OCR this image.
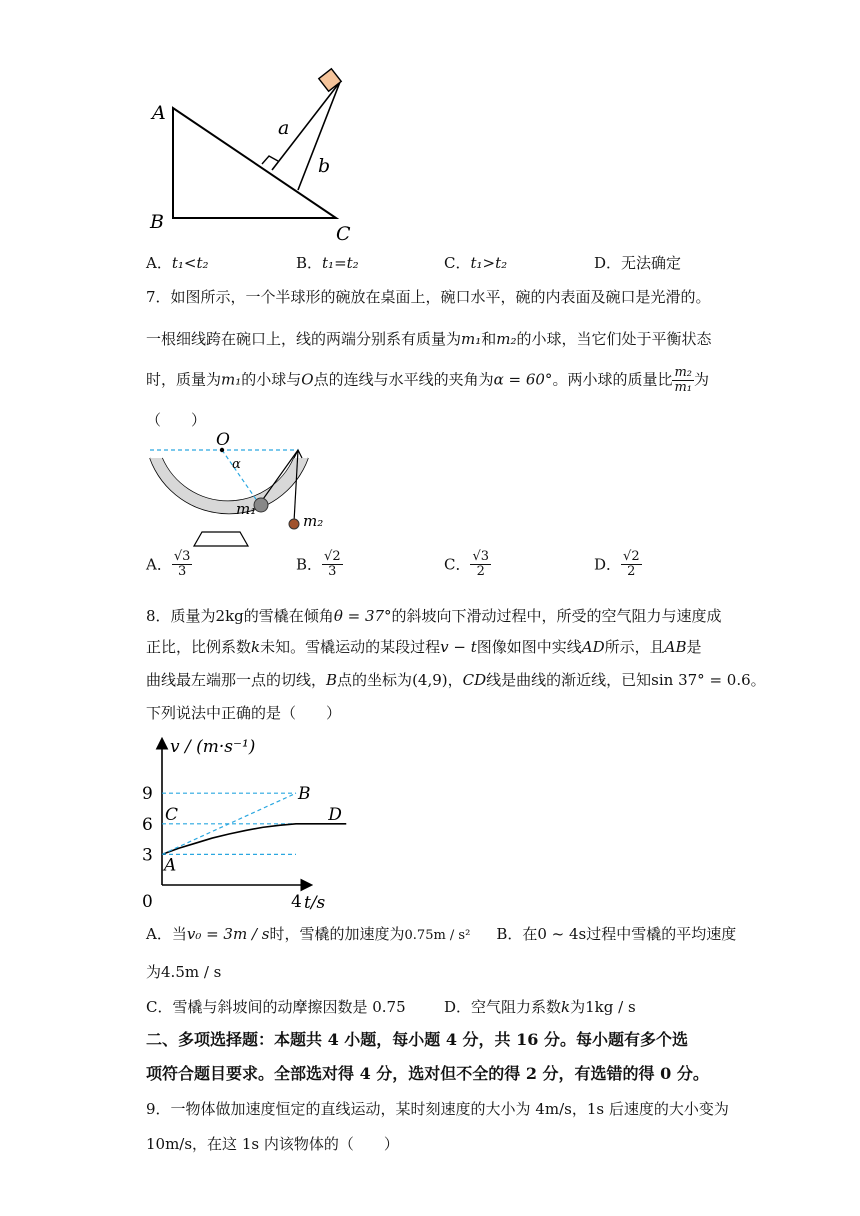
A
B
C
a
b
A．t₁<t₂	B．t₁=t₂	C．t₁>t₂	D．无法确定
7．如图所示，一个半球形的碗放在桌面上，碗口水平，碗的内表面及碗口是光滑的。
一根细线跨在碗口上，线的两端分别系有质量为m₁和m₂的小球，当它们处于平衡状态
时，质量为m₁的小球与O点的连线与水平线的夹角为α = 60°。两小球的质量比 $\frac{\text{m₂}}{\text{m₁}}$ 为
（　　）
O
α
m₁
m₂
A． $\frac{√3}{3}$	B． $\frac{√2}{3}$	C． $\frac{√3}{2}$	D． $\frac{√2}{2}$
8．质量为2kg的雪橇在倾角θ = 37°的斜坡向下滑动过程中，所受的空气阻力与速度成
正比，比例系数k未知。雪橇运动的某段过程v − t图像如图中实线AD所示，且AB是
曲线最左端那一点的切线，B点的坐标为(4,9)，CD线是曲线的渐近线，已知sin 37° = 0.6。
下列说法中正确的是（　　）
v / (m·s⁻¹)
t/s
0	4
3
6
9
A
B
C	D
A．当v₀ = 3m / s时，雪橇的加速度为0.75m / s² B．在0 ~ 4s过程中雪橇的平均速度
为4.5m / s
C．雪橇与斜坡间的动摩擦因数是 0.75	D．空气阻力系数k为1kg / s
二、多项选择题：本题共 4 小题，每小题 4 分，共 16 分。每小题有多个选
项符合题目要求。全部选对得 4 分，选对但不全的得 2 分，有选错的得 0 分。
9．一物体做加速度恒定的直线运动，某时刻速度的大小为 4m/s，1s 后速度的大小变为
10m/s，在这 1s 内该物体的（　　）
